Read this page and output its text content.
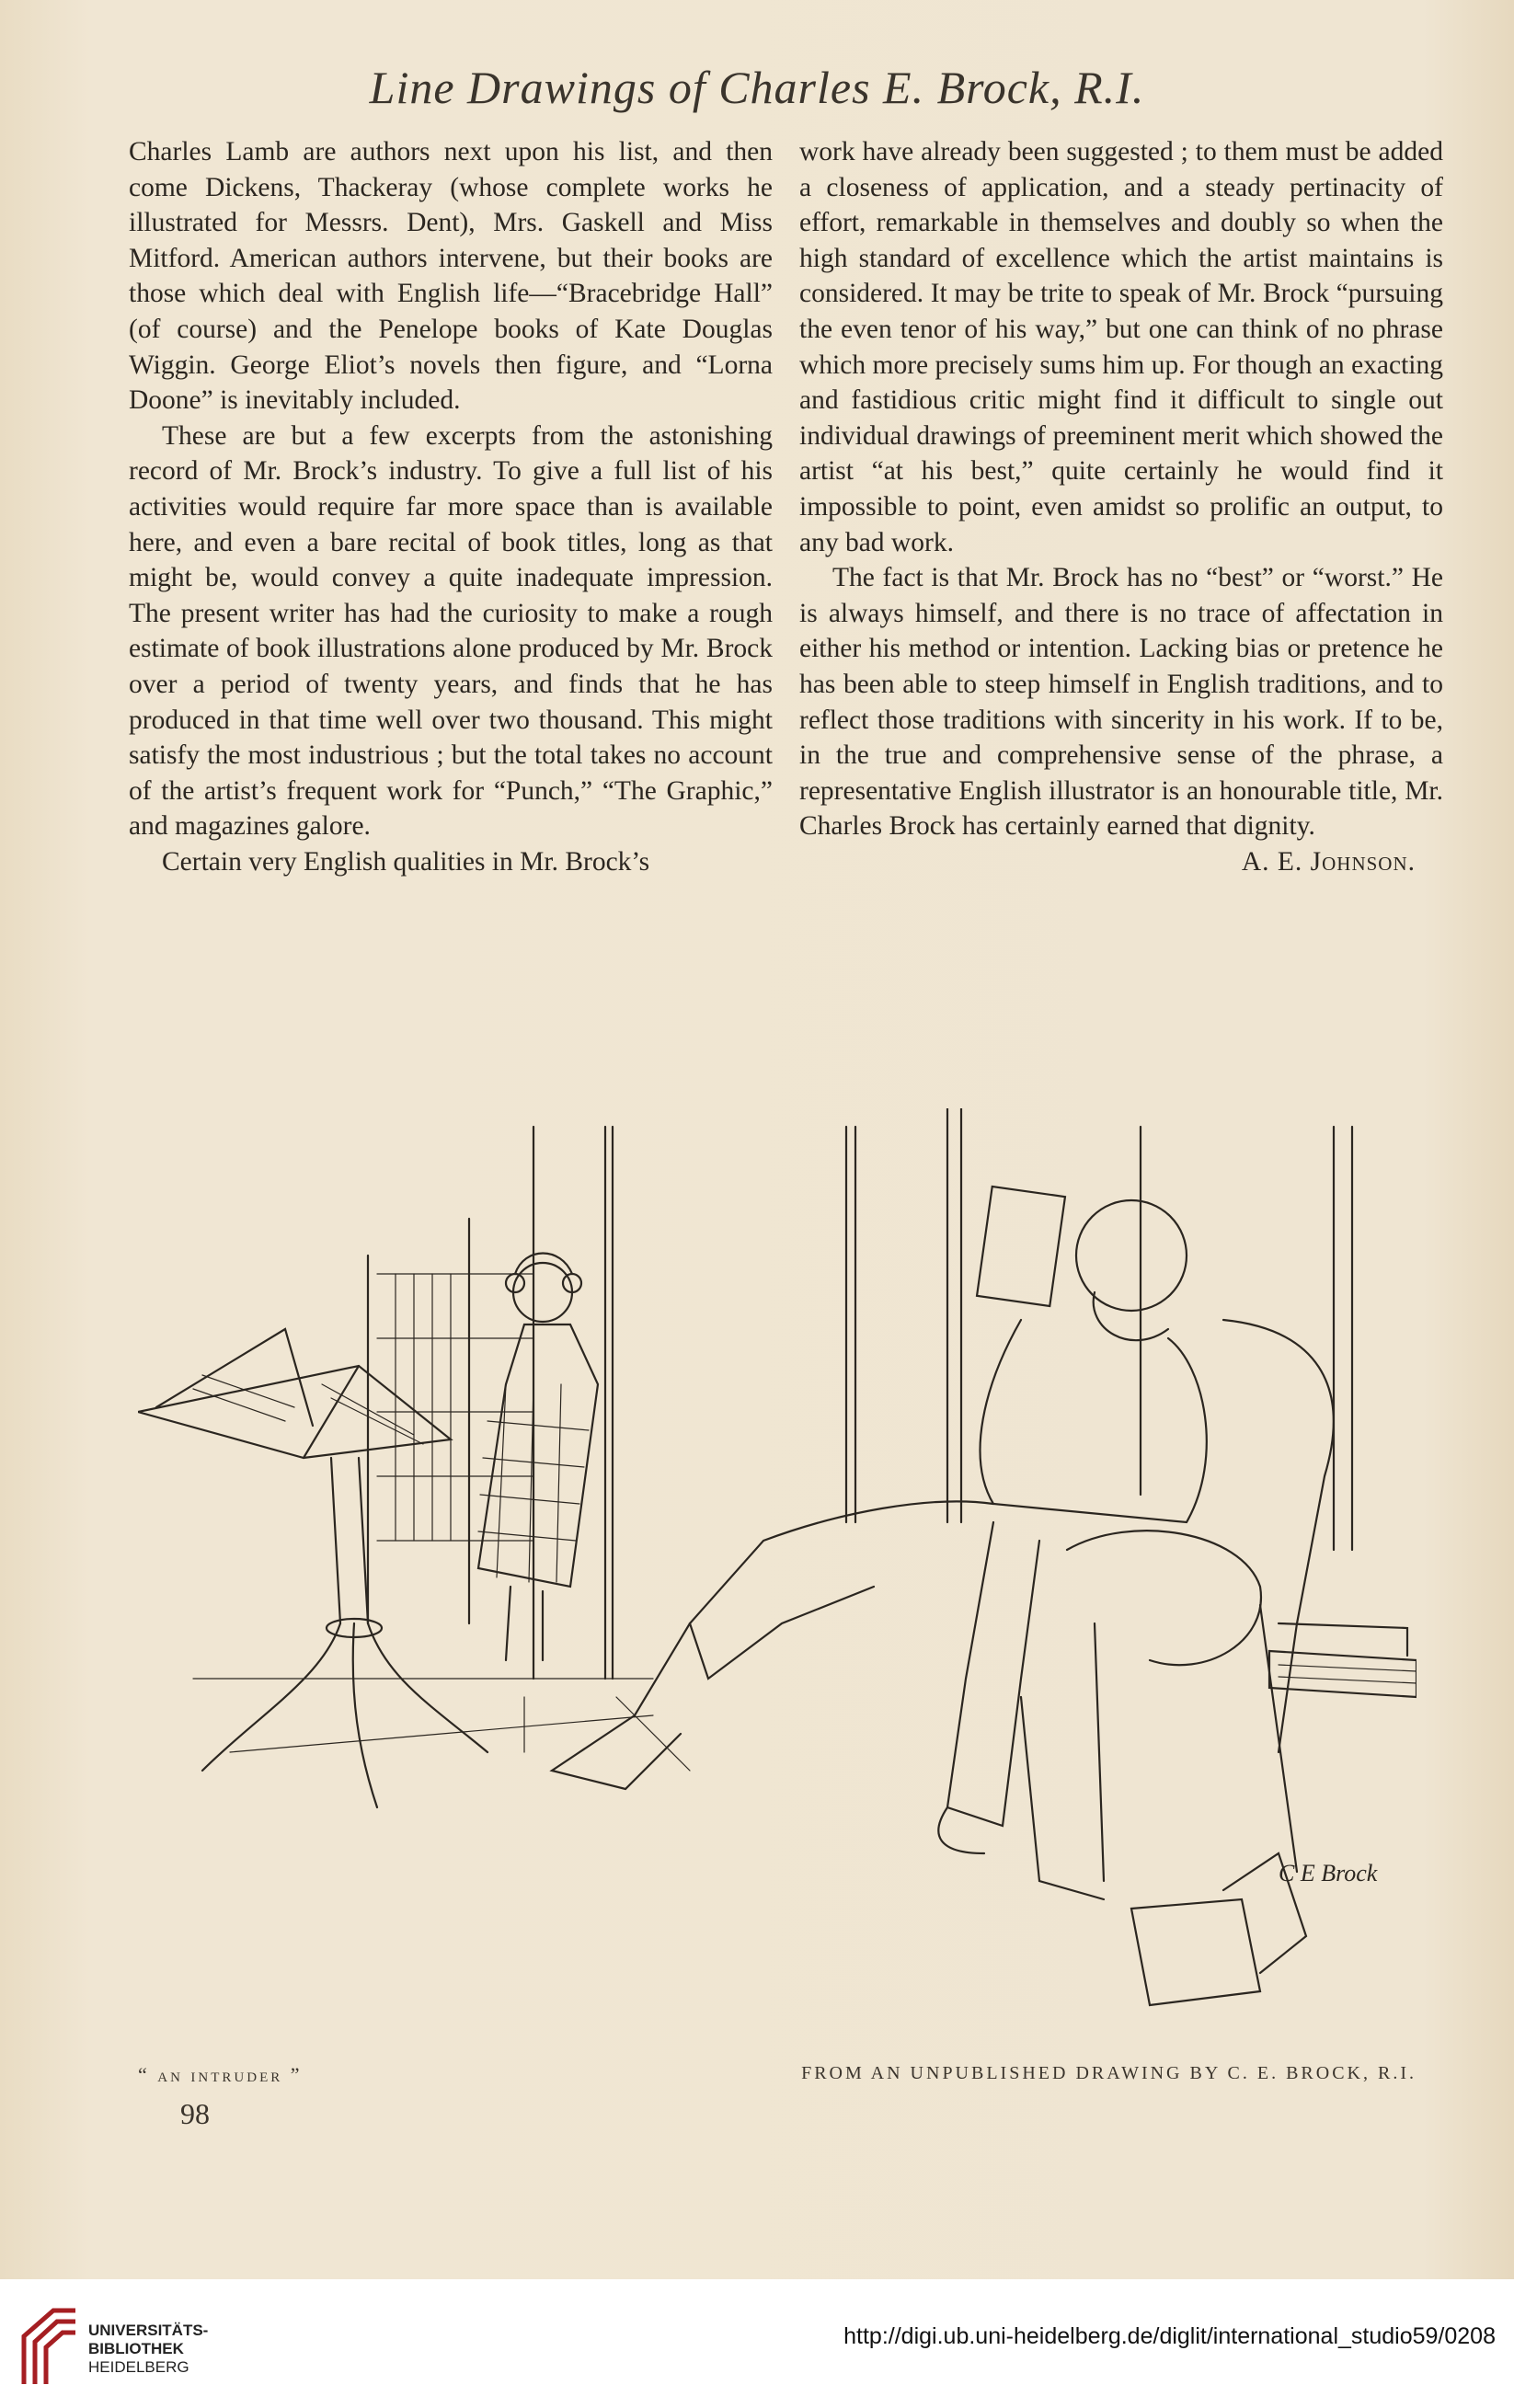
Line Drawings of Charles E. Brock, R.I.

Charles Lamb are authors next upon his list, and then come Dickens, Thackeray (whose complete works he illustrated for Messrs. Dent), Mrs. Gaskell and Miss Mitford. American authors intervene, but their books are those which deal with English life—“Bracebridge Hall” (of course) and the Penelope books of Kate Douglas Wiggin. George Eliot’s novels then figure, and “Lorna Doone” is inevitably included.

These are but a few excerpts from the astonishing record of Mr. Brock’s industry. To give a full list of his activities would require far more space than is available here, and even a bare recital of book titles, long as that might be, would convey a quite inadequate impression. The present writer has had the curiosity to make a rough estimate of book illustrations alone produced by Mr. Brock over a period of twenty years, and finds that he has produced in that time well over two thousand. This might satisfy the most industrious ; but the total takes no account of the artist’s frequent work for “Punch,” “The Graphic,” and magazines galore.

Certain very English qualities in Mr. Brock’s

work have already been suggested ; to them must be added a closeness of application, and a steady pertinacity of effort, remarkable in themselves and doubly so when the high standard of excellence which the artist maintains is considered. It may be trite to speak of Mr. Brock “pursuing the even tenor of his way,” but one can think of no phrase which more precisely sums him up. For though an exacting and fastidious critic might find it difficult to single out individual drawings of preeminent merit which showed the artist “at his best,” quite certainly he would find it impossible to point, even amidst so prolific an output, to any bad work.

The fact is that Mr. Brock has no “best” or “worst.” He is always himself, and there is no trace of affectation in either his method or intention. Lacking bias or pretence he has been able to steep himself in English traditions, and to reflect those traditions with sincerity in his work. If to be, in the true and comprehensive sense of the phrase, a representative English illustrator is an honourable title, Mr. Charles Brock has certainly earned that dignity.
A. E. Johnson.

C E Brock
“ an intruder ”	FROM AN UNPUBLISHED DRAWING BY C. E. BROCK, R.I.
98
UNIVERSITÄTS-
BIBLIOTHEK
HEIDELBERG
http://digi.ub.uni-heidelberg.de/diglit/international_studio59/0208
